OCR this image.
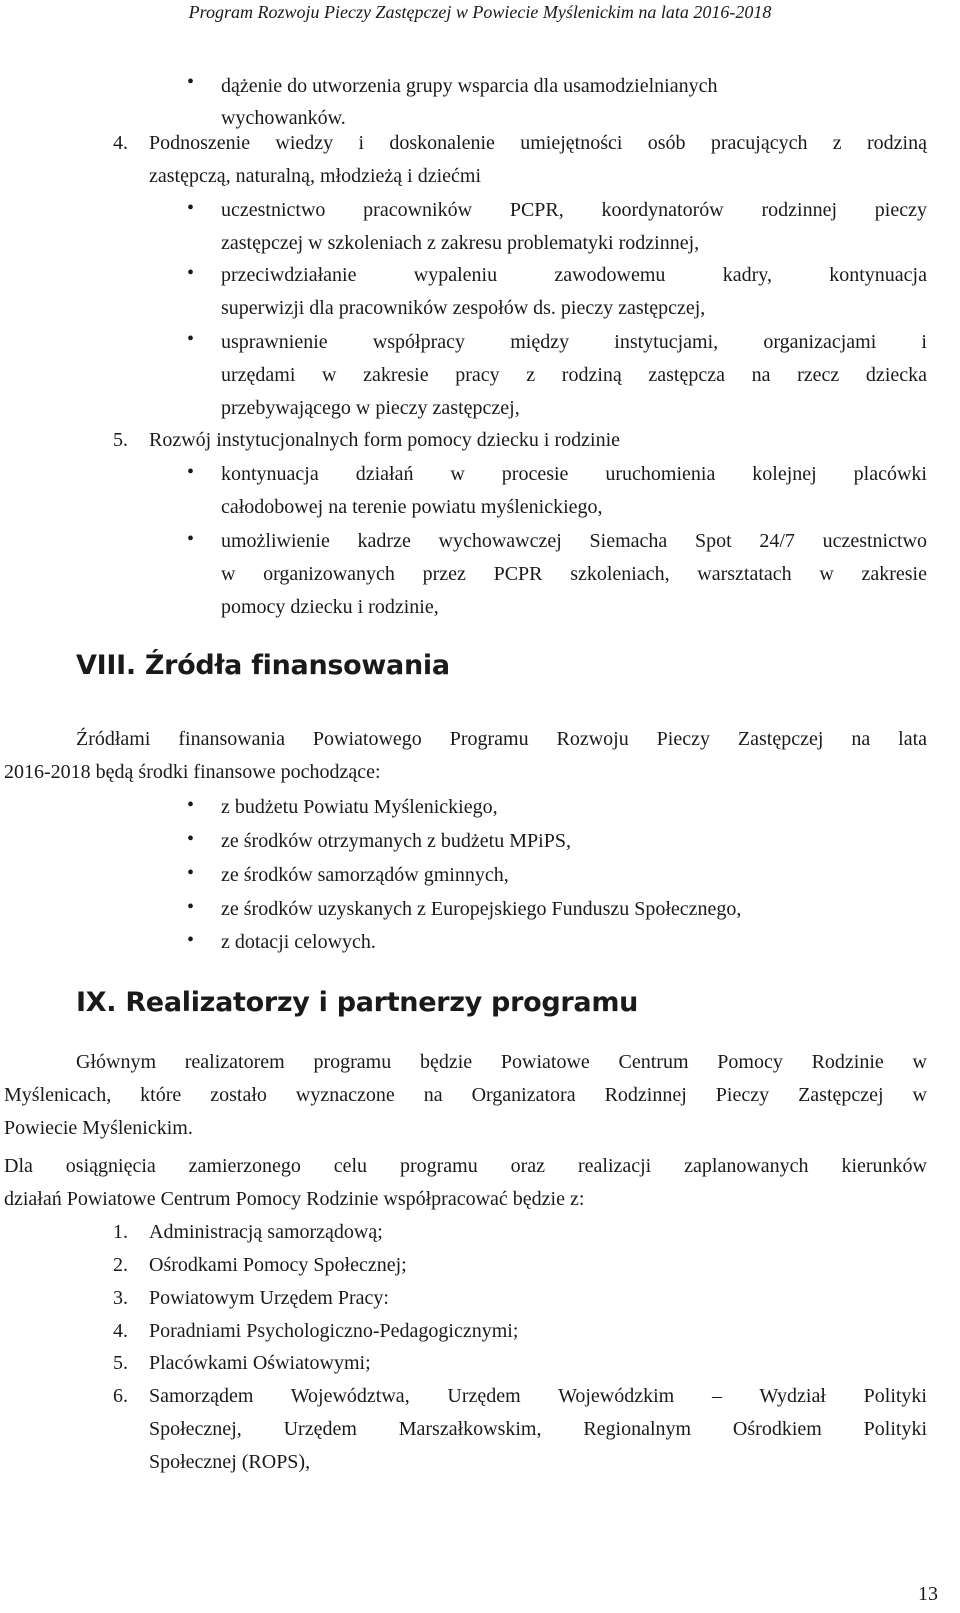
Program Rozwoju Pieczy Zastępczej w Powiecie Myślenickim na lata 2016-2018
• dążenie do utworzenia grupy wsparcia dla usamodzielnianych
wychowanków.
4. Podnoszenie wiedzy i doskonalenie umiejętności osób pracujących z rodziną
zastępczą, naturalną, młodzieżą i dziećmi
• uczestnictwo pracowników PCPR, koordynatorów rodzinnej pieczy
zastępczej w szkoleniach z zakresu problematyki rodzinnej,
• przeciwdziałanie wypaleniu zawodowemu kadry, kontynuacja
superwizji dla pracowników zespołów ds. pieczy zastępczej,
• usprawnienie współpracy między instytucjami, organizacjami i
urzędami w zakresie pracy z rodziną zastępcza na rzecz dziecka
przebywającego w pieczy zastępczej,
5. Rozwój instytucjonalnych form pomocy dziecku i rodzinie
• kontynuacja działań w procesie uruchomienia kolejnej placówki
całodobowej na terenie powiatu myślenickiego,
• umożliwienie kadrze wychowawczej Siemacha Spot 24/7 uczestnictwo
w organizowanych przez PCPR szkoleniach, warsztatach w zakresie
pomocy dziecku i rodzinie,
VIII. Źródła finansowania
Źródłami finansowania Powiatowego Programu Rozwoju Pieczy Zastępczej na lata
2016-2018 będą środki finansowe pochodzące:
• z budżetu Powiatu Myślenickiego,
• ze środków otrzymanych z budżetu MPiPS,
• ze środków samorządów gminnych,
• ze środków uzyskanych z Europejskiego Funduszu Społecznego,
• z dotacji celowych.
IX. Realizatorzy i partnerzy programu
Głównym realizatorem programu będzie Powiatowe Centrum Pomocy Rodzinie w
Myślenicach, które zostało wyznaczone na Organizatora Rodzinnej Pieczy Zastępczej w
Powiecie Myślenickim.
Dla osiągnięcia zamierzonego celu programu oraz realizacji zaplanowanych kierunków
działań Powiatowe Centrum Pomocy Rodzinie współpracować będzie z:
1. Administracją samorządową;
2. Ośrodkami Pomocy Społecznej;
3. Powiatowym Urzędem Pracy:
4. Poradniami Psychologiczno-Pedagogicznymi;
5. Placówkami Oświatowymi;
6. Samorządem Województwa, Urzędem Wojewódzkim – Wydział Polityki
Społecznej, Urzędem Marszałkowskim, Regionalnym Ośrodkiem Polityki
Społecznej (ROPS),
13
